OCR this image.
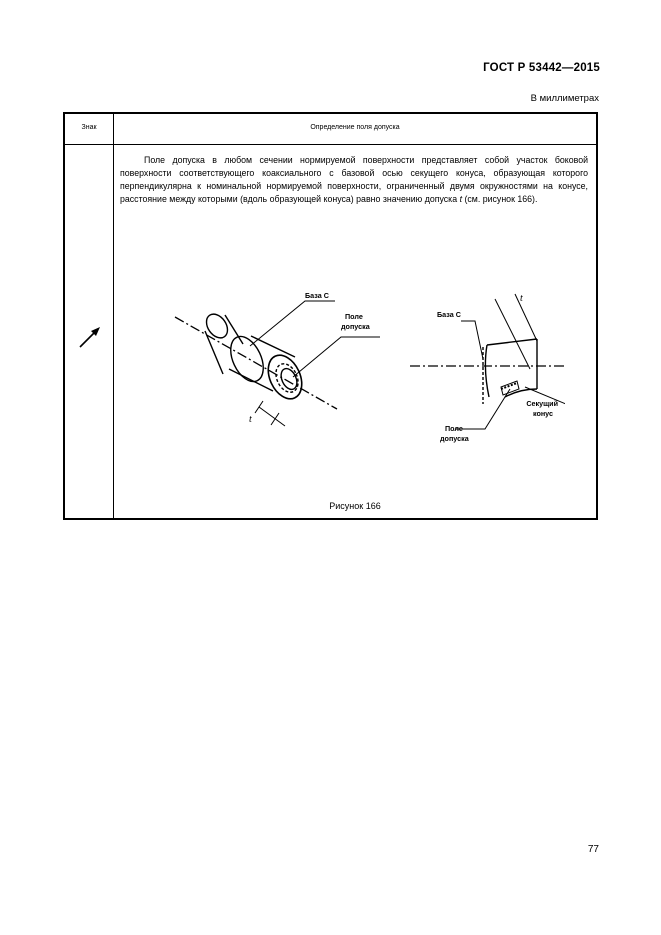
ГОСТ Р 53442—2015
В миллиметрах
Знак	Определение поля допуска
Поле допуска в любом сечении нормируемой поверхности представляет собой участок боковой поверхности соответствующего коаксиального с базовой осью секущего конуса, образующая которого перпендикулярна к номинальной нормируемой поверхности, ограниченный двумя окружностями на конусе, расстояние между которыми (вдоль образующей конуса) равно значению допуска t (см. рисунок 166).
База С
Поле
допуска
t
База С
Поле
допуска
Секущий
конус
t
Рисунок 166
77
